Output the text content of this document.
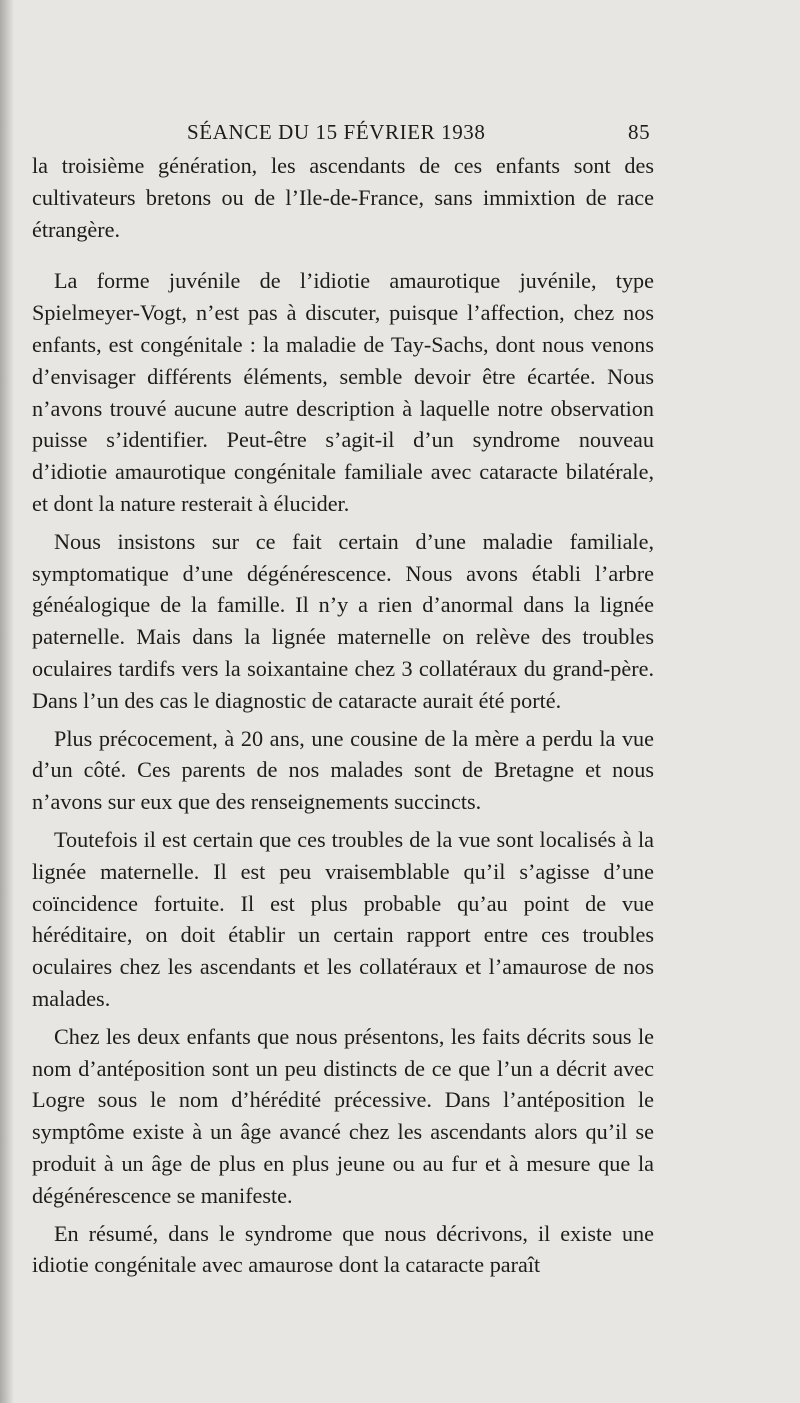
SÉANCE DU 15 FÉVRIER 1938	85

la troisième génération, les ascendants de ces enfants sont des cultivateurs bretons ou de l’Ile-de-France, sans immixtion de race étrangère.

La forme juvénile de l’idiotie amaurotique juvénile, type Spielmeyer-Vogt, n’est pas à discuter, puisque l’affection, chez nos enfants, est congénitale : la maladie de Tay-Sachs, dont nous venons d’envisager différents éléments, semble devoir être écartée. Nous n’avons trouvé aucune autre description à laquelle notre observation puisse s’identifier. Peut-être s’agit-il d’un syndrome nouveau d’idiotie amaurotique congénitale familiale avec cataracte bilatérale, et dont la nature resterait à élucider.

Nous insistons sur ce fait certain d’une maladie familiale, symptomatique d’une dégénérescence. Nous avons établi l’arbre généalogique de la famille. Il n’y a rien d’anormal dans la lignée paternelle. Mais dans la lignée maternelle on relève des troubles oculaires tardifs vers la soixantaine chez 3 collatéraux du grand-père. Dans l’un des cas le diagnostic de cataracte aurait été porté.

Plus précocement, à 20 ans, une cousine de la mère a perdu la vue d’un côté. Ces parents de nos malades sont de Bretagne et nous n’avons sur eux que des renseignements succincts.

Toutefois il est certain que ces troubles de la vue sont localisés à la lignée maternelle. Il est peu vraisemblable qu’il s’agisse d’une coïncidence fortuite. Il est plus probable qu’au point de vue héréditaire, on doit établir un certain rapport entre ces troubles oculaires chez les ascendants et les collatéraux et l’amaurose de nos malades.

Chez les deux enfants que nous présentons, les faits décrits sous le nom d’antéposition sont un peu distincts de ce que l’un a décrit avec Logre sous le nom d’hérédité précessive. Dans l’antéposition le symptôme existe à un âge avancé chez les ascendants alors qu’il se produit à un âge de plus en plus jeune ou au fur et à mesure que la dégénérescence se manifeste.

En résumé, dans le syndrome que nous décrivons, il existe une idiotie congénitale avec amaurose dont la cataracte paraît
